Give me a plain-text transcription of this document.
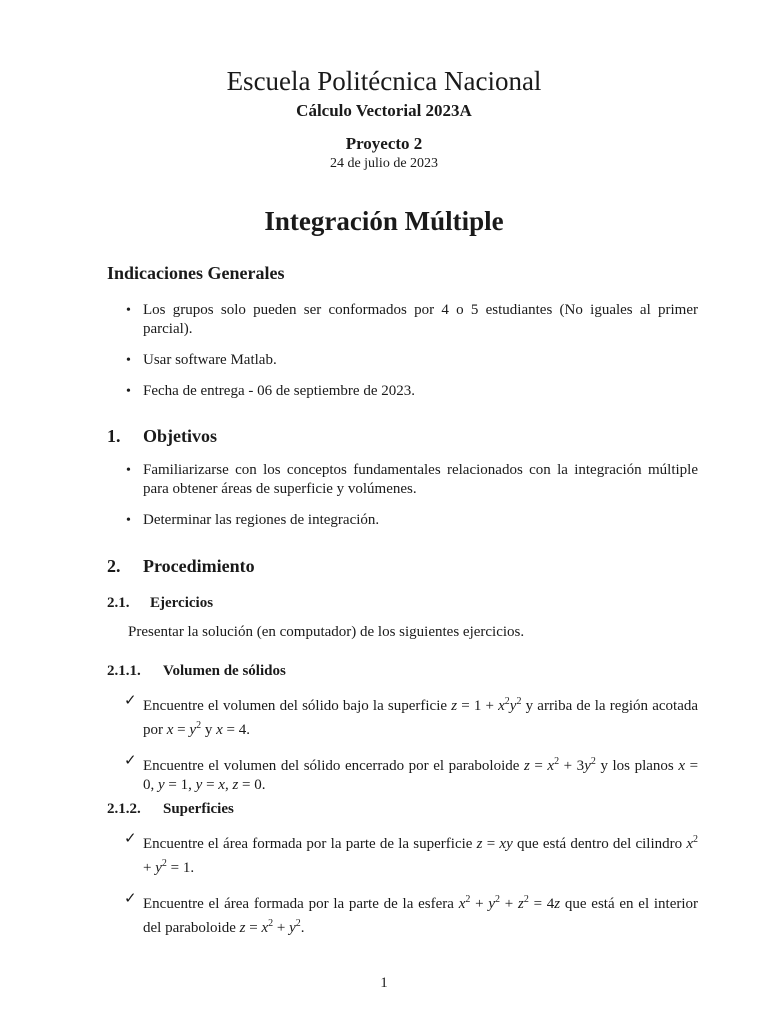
Escuela Politécnica Nacional
Cálculo Vectorial 2023A
Proyecto 2
24 de julio de 2023
Integración Múltiple
Indicaciones Generales
• Los grupos solo pueden ser conformados por 4 o 5 estudiantes (No iguales al primer parcial).
• Usar software Matlab.
• Fecha de entrega - 06 de septiembre de 2023.
1.	Objetivos
• Familiarizarse con los conceptos fundamentales relacionados con la integración múltiple para obtener áreas de superficie y volúmenes.
• Determinar las regiones de integración.
2.	Procedimiento
2.1.	Ejercicios
Presentar la solución (en computador) de los siguientes ejercicios.
2.1.1.	Volumen de sólidos
✓ Encuentre el volumen del sólido bajo la superficie $z = 1 + x^2y^2$ y arriba de la región acotada por $x = y^2$ y x = 4.
✓ Encuentre el volumen del sólido encerrado por el paraboloide $z = x^2 + 3y^2$ y los planos x = 0, y = 1, y = x, z = 0.
2.1.2.	Superficies
✓ Encuentre el área formada por la parte de la superficie z = xy que está dentro del cilindro $x^2 + y^2 = 1$.
✓ Encuentre el área formada por la parte de la esfera $x^2 + y^2 + z^2 = 4z$ que está en el interior del paraboloide $z = x^2 + y^2$.
1
